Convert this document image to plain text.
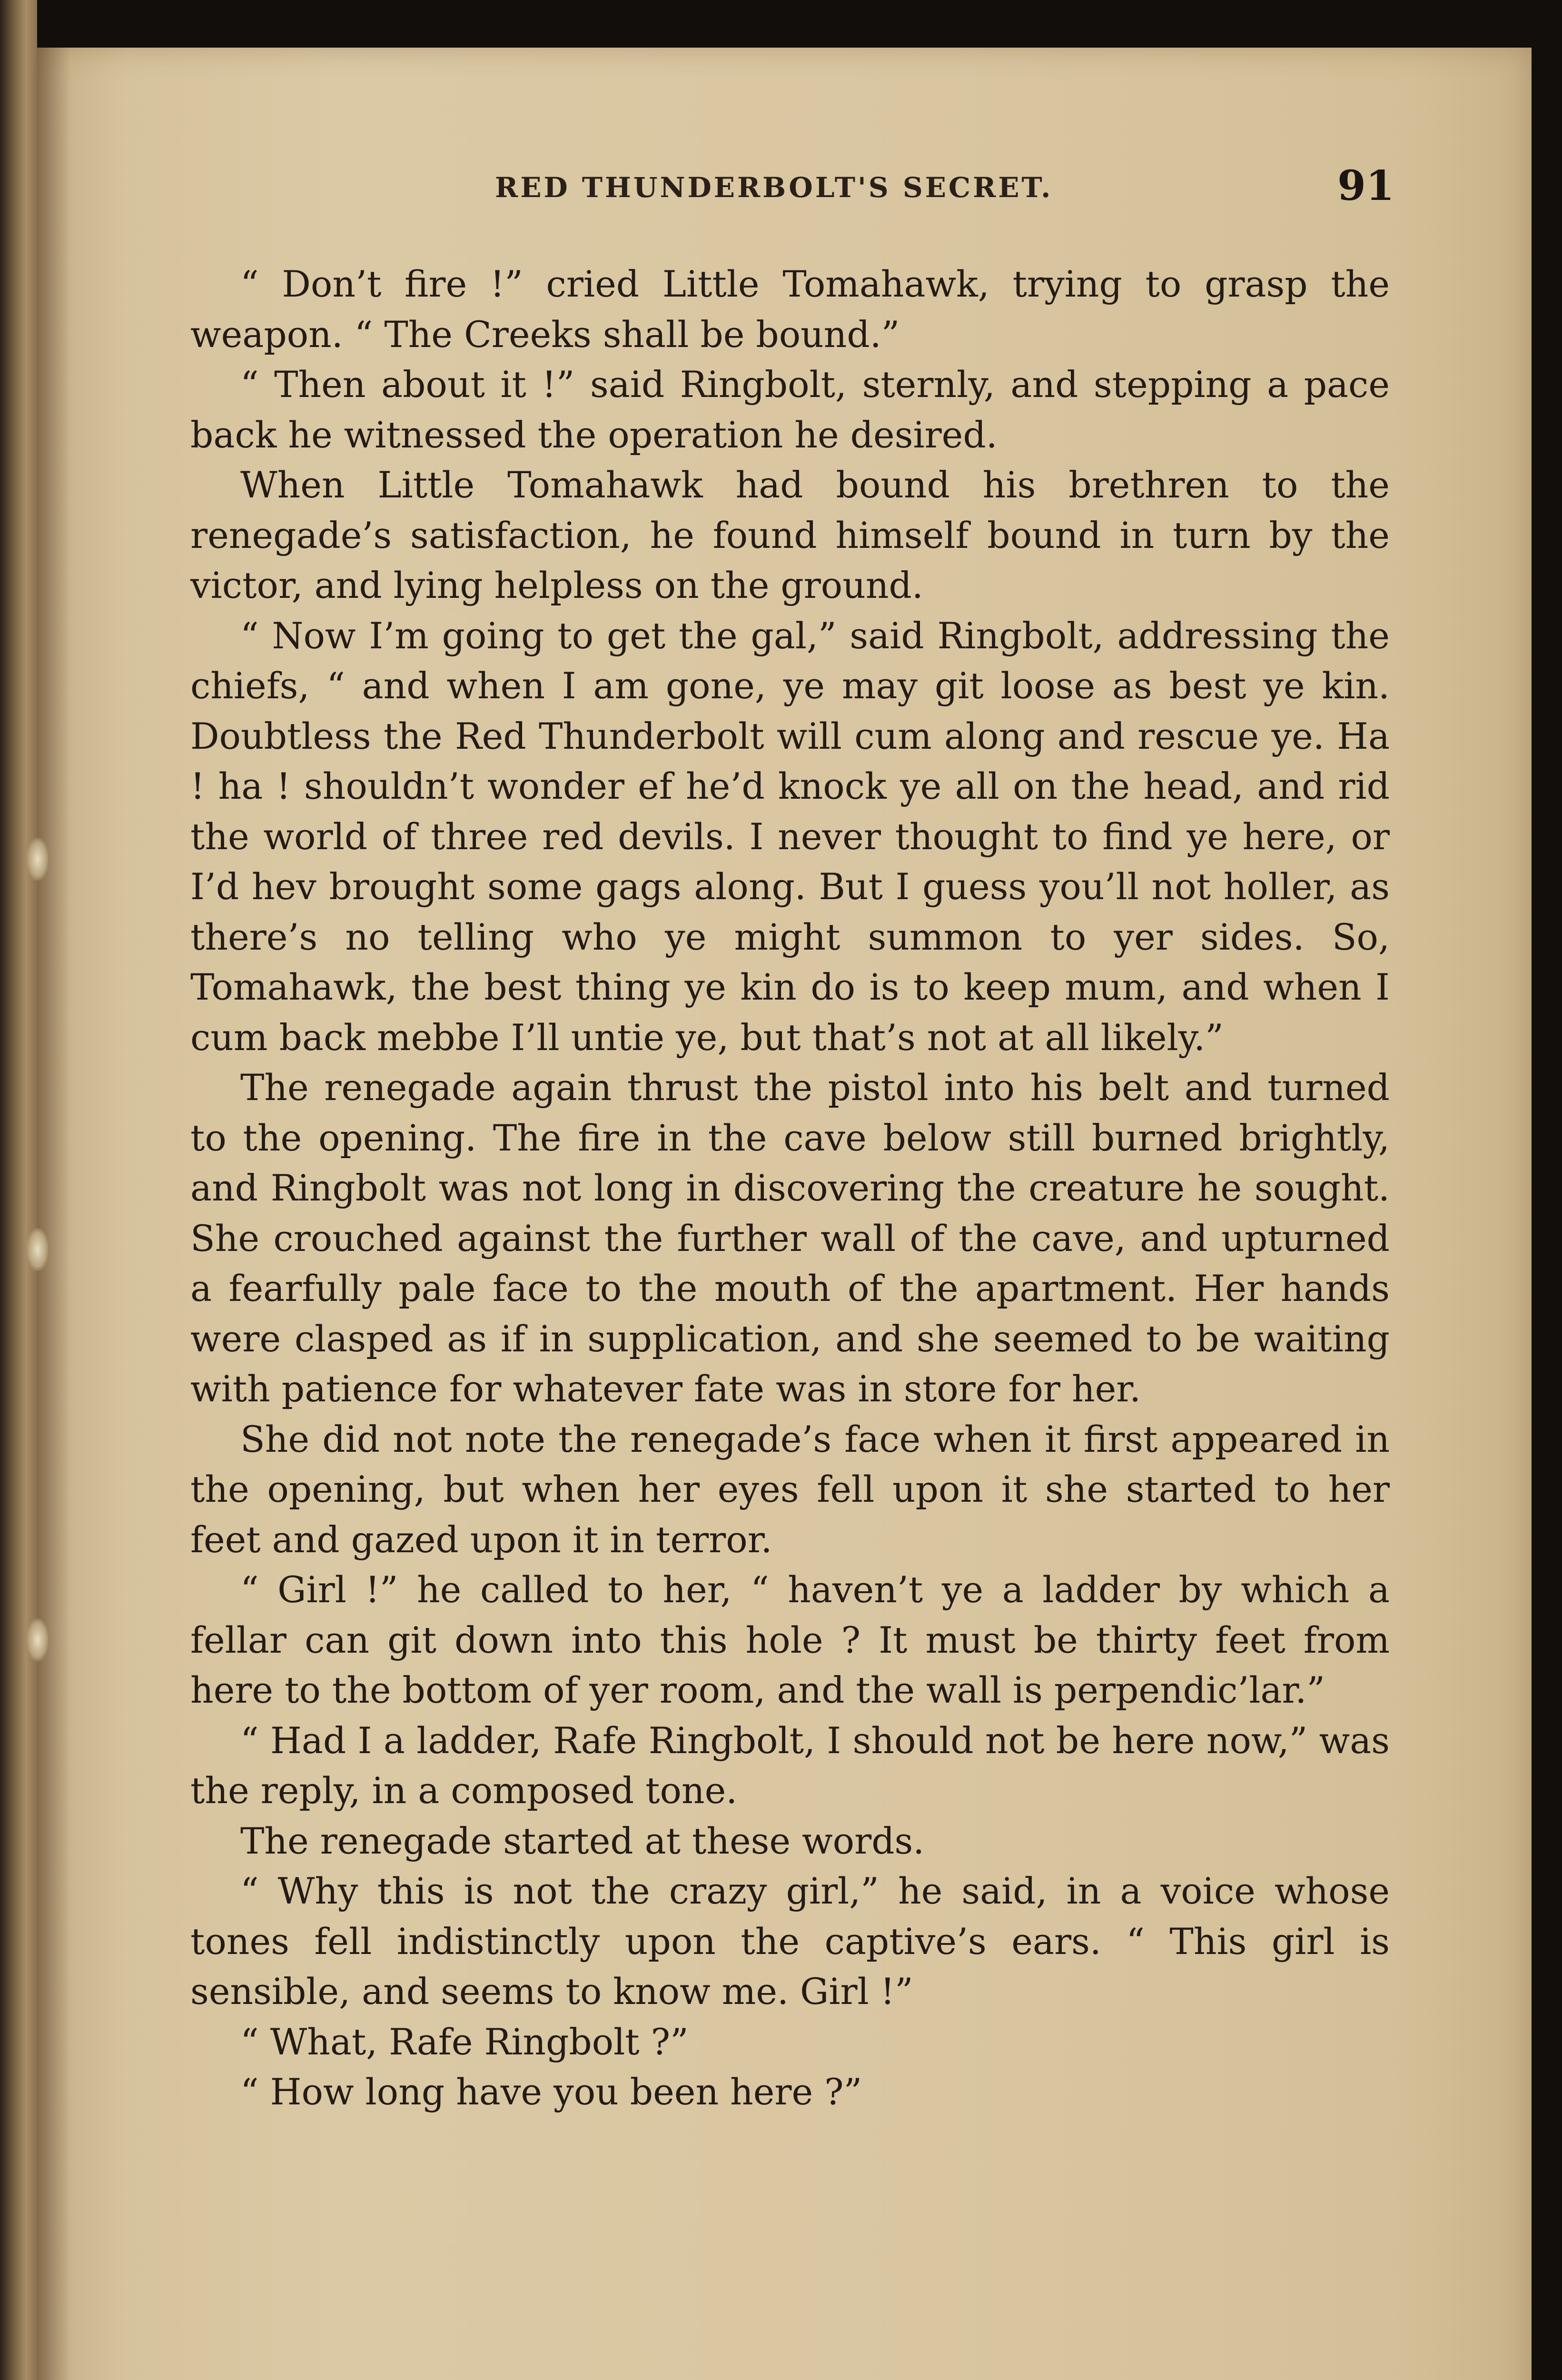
RED THUNDERBOLT'S SECRET.	91

“ Don’t fire !” cried Little Tomahawk, trying to grasp the weapon. “ The Creeks shall be bound.”

“ Then about it !” said Ringbolt, sternly, and stepping a pace back he witnessed the operation he desired.

When Little Tomahawk had bound his brethren to the renegade’s satisfaction, he found himself bound in turn by the victor, and lying helpless on the ground.

“ Now I’m going to get the gal,” said Ringbolt, addressing the chiefs, “ and when I am gone, ye may git loose as best ye kin. Doubtless the Red Thunderbolt will cum along and rescue ye. Ha ! ha ! shouldn’t wonder ef he’d knock ye all on the head, and rid the world of three red devils. I never thought to find ye here, or I’d hev brought some gags along. But I guess you’ll not holler, as there’s no telling who ye might summon to yer sides. So, Tomahawk, the best thing ye kin do is to keep mum, and when I cum back mebbe I’ll untie ye, but that’s not at all likely.”

The renegade again thrust the pistol into his belt and turned to the opening. The fire in the cave below still burned brightly, and Ringbolt was not long in discovering the creature he sought. She crouched against the further wall of the cave, and upturned a fearfully pale face to the mouth of the apartment. Her hands were clasped as if in supplication, and she seemed to be waiting with patience for whatever fate was in store for her.

She did not note the renegade’s face when it first appeared in the opening, but when her eyes fell upon it she started to her feet and gazed upon it in terror.

“ Girl !” he called to her, “ haven’t ye a ladder by which a fellar can git down into this hole ? It must be thirty feet from here to the bottom of yer room, and the wall is perpendic’lar.”

“ Had I a ladder, Rafe Ringbolt, I should not be here now,” was the reply, in a composed tone.

The renegade started at these words.

“ Why this is not the crazy girl,” he said, in a voice whose tones fell indistinctly upon the captive’s ears. “ This girl is sensible, and seems to know me. Girl !”

“ What, Rafe Ringbolt ?”

“ How long have you been here ?”
